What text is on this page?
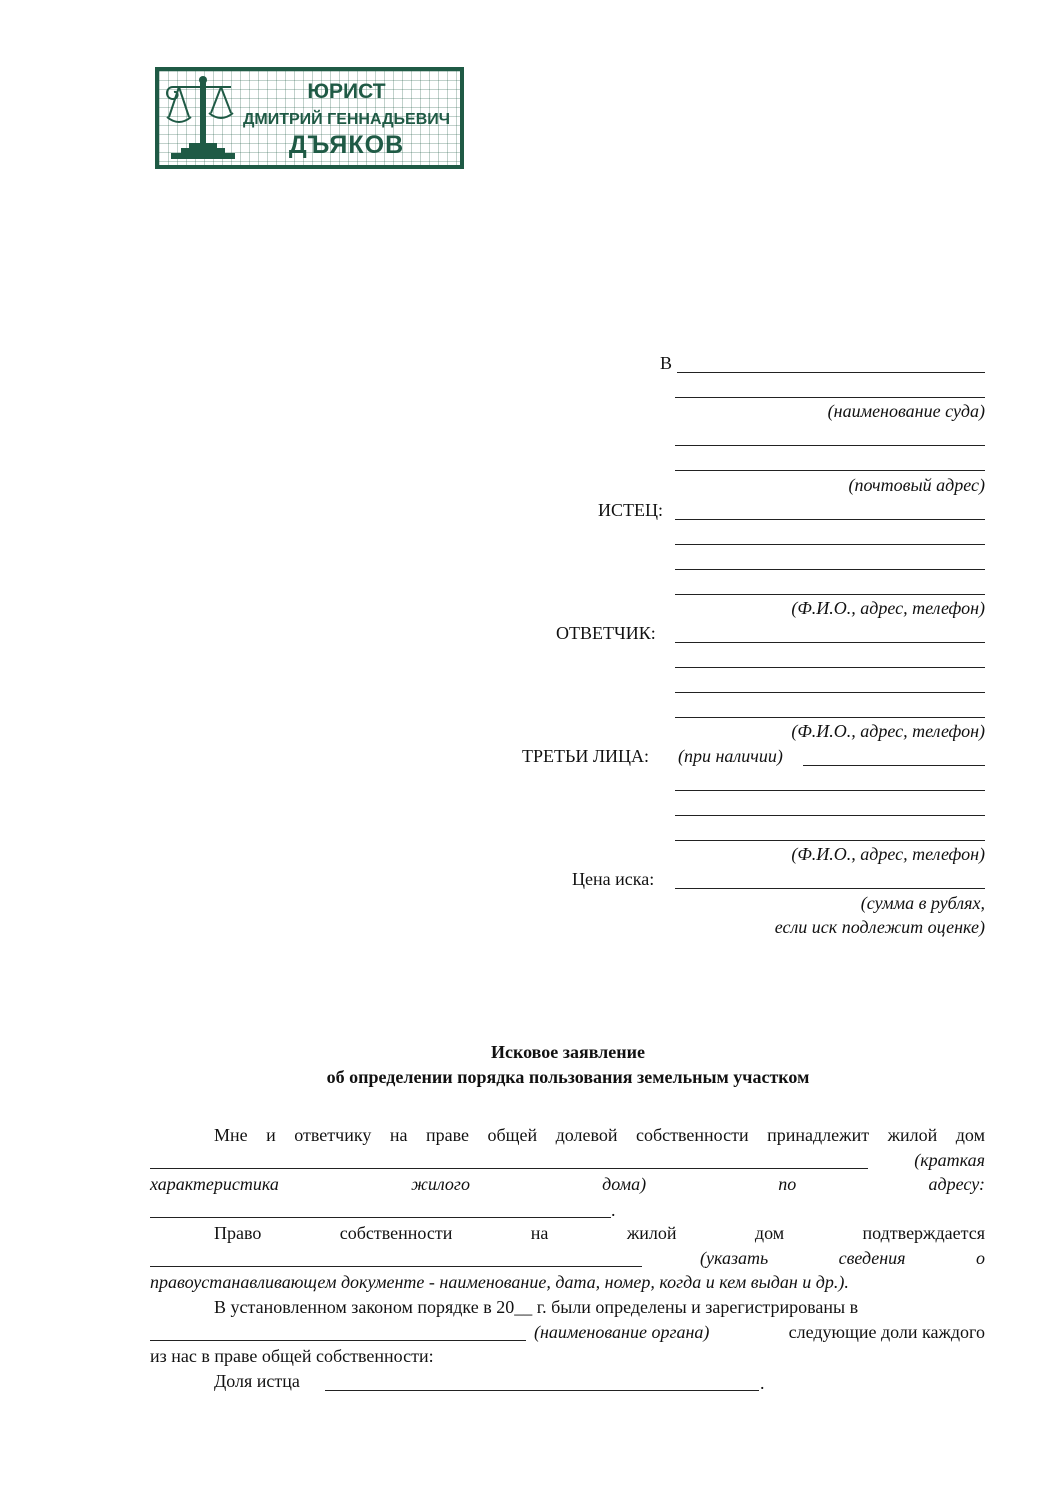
ЮРИСТ
ДМИТРИЙ ГЕННАДЬЕВИЧ
ДЪЯКОВ
В
(наименование суда)
(почтовый адрес)
ИСТЕЦ:
(Ф.И.О., адрес, телефон)
ОТВЕТЧИК:
(Ф.И.О., адрес, телефон)
ТРЕТЬИ ЛИЦА: (при наличии)
(Ф.И.О., адрес, телефон)
Цена иска:
(сумма в рублях,
если иск подлежит оценке)
Исковое заявление
об определении порядка пользования земельным участком
Мне и ответчику на праве общей долевой собственности принадлежит жилой дом
(краткая
характеристика	жилого	дома)	по	адресу:
.
Право	собственности	на	жилой	дом	подтверждается
(указать	сведения	о
правоустанавливающем документе - наименование, дата, номер, когда и кем выдан и др.).
В установленном законом порядке в 20__ г. были определены и зарегистрированы в
(наименование органа)	следующие доли каждого
из нас в праве общей собственности:
Доля истца	.
